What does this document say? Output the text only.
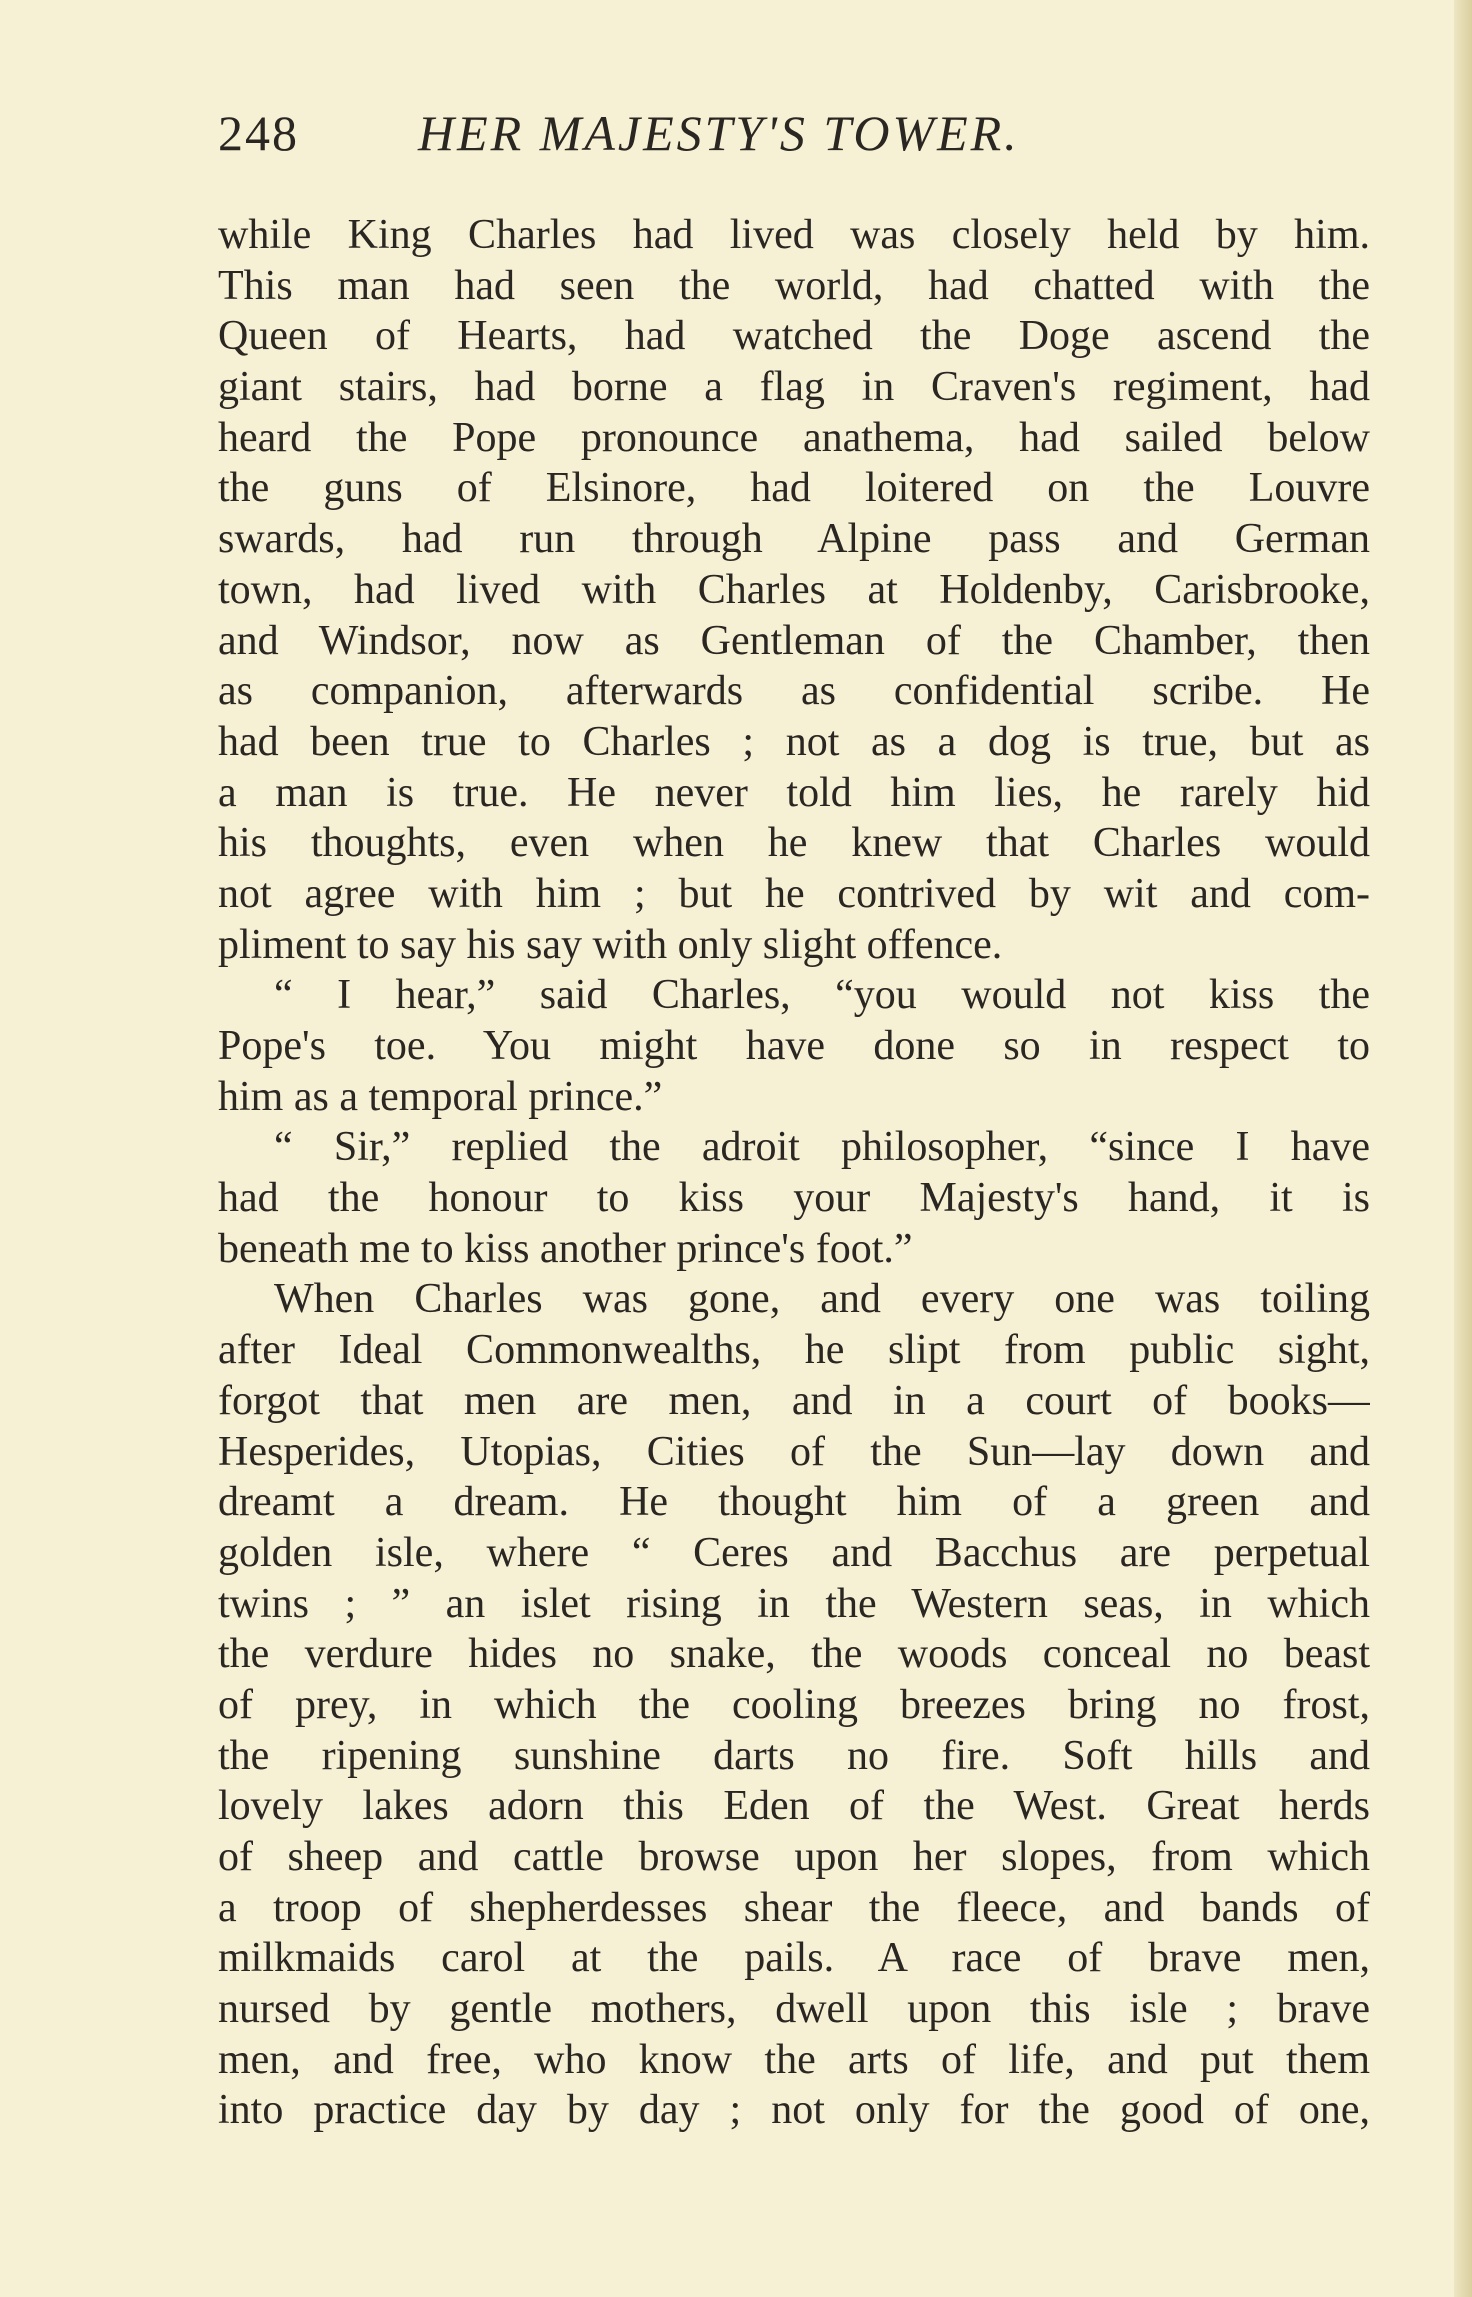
248 HER MAJESTY'S TOWER.
while King Charles had lived was closely held by him.
This man had seen the world, had chatted with the
Queen of Hearts, had watched the Doge ascend the
giant stairs, had borne a flag in Craven's regiment, had
heard the Pope pronounce anathema, had sailed below
the guns of Elsinore, had loitered on the Louvre
swards, had run through Alpine pass and German
town, had lived with Charles at Holdenby, Carisbrooke,
and Windsor, now as Gentleman of the Chamber, then
as companion, afterwards as confidential scribe. He
had been true to Charles ; not as a dog is true, but as
a man is true. He never told him lies, he rarely hid
his thoughts, even when he knew that Charles would
not agree with him ; but he contrived by wit and com-
pliment to say his say with only slight offence.
“ I hear,” said Charles, “you would not kiss the
Pope's toe. You might have done so in respect to
him as a temporal prince.”
“ Sir,” replied the adroit philosopher, “since I have
had the honour to kiss your Majesty's hand, it is
beneath me to kiss another prince's foot.”
When Charles was gone, and every one was toiling
after Ideal Commonwealths, he slipt from public sight,
forgot that men are men, and in a court of books—
Hesperides, Utopias, Cities of the Sun—lay down and
dreamt a dream. He thought him of a green and
golden isle, where “ Ceres and Bacchus are perpetual
twins ; ” an islet rising in the Western seas, in which
the verdure hides no snake, the woods conceal no beast
of prey, in which the cooling breezes bring no frost,
the ripening sunshine darts no fire. Soft hills and
lovely lakes adorn this Eden of the West. Great herds
of sheep and cattle browse upon her slopes, from which
a troop of shepherdesses shear the fleece, and bands of
milkmaids carol at the pails. A race of brave men,
nursed by gentle mothers, dwell upon this isle ; brave
men, and free, who know the arts of life, and put them
into practice day by day ; not only for the good of one,
